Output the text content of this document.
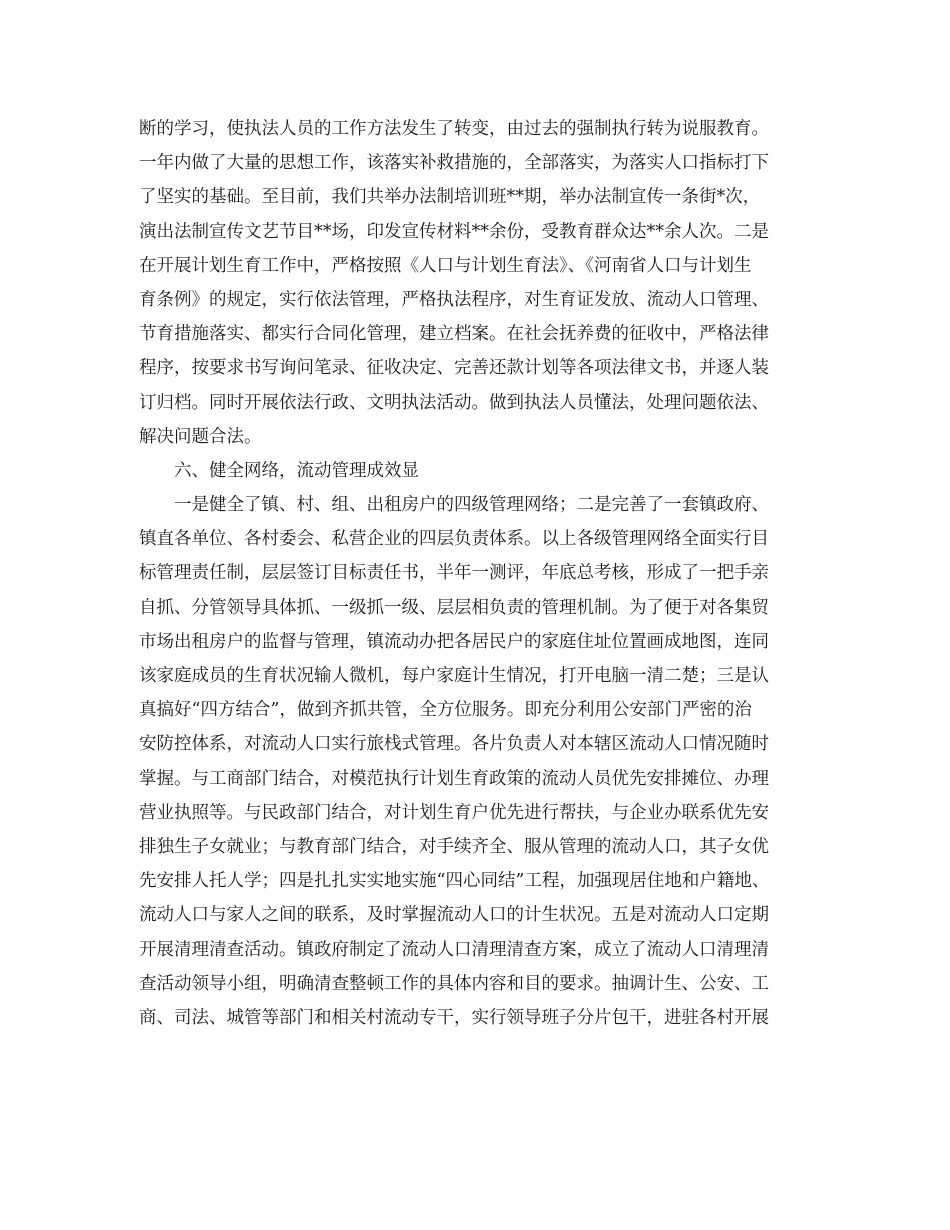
断的学习，使执法人员的工作方法发生了转变，由过去的强制执行转为说服教育。
一年内做了大量的思想工作，该落实补救措施的，全部落实，为落实人口指标打下
了坚实的基础。至目前，我们共举办法制培训班**期，举办法制宣传一条街*次，
演出法制宣传文艺节目**场，印发宣传材料**余份，受教育群众达**余人次。二是
在开展计划生育工作中，严格按照《人口与计划生育法》、《河南省人口与计划生
育条例》的规定，实行依法管理，严格执法程序，对生育证发放、流动人口管理、
节育措施落实、都实行合同化管理，建立档案。在社会抚养费的征收中，严格法律
程序，按要求书写询问笔录、征收决定、完善还款计划等各项法律文书，并逐人装
订归档。同时开展依法行政、文明执法活动。做到执法人员懂法，处理问题依法、
解决问题合法。
六、健全网络，流动管理成效显
一是健全了镇、村、组、出租房户的四级管理网络；二是完善了一套镇政府、
镇直各单位、各村委会、私营企业的四层负责体系。以上各级管理网络全面实行目
标管理责任制，层层签订目标责任书，半年一测评，年底总考核，形成了一把手亲
自抓、分管领导具体抓、一级抓一级、层层相负责的管理机制。为了便于对各集贸
市场出租房户的监督与管理，镇流动办把各居民户的家庭住址位置画成地图，连同
该家庭成员的生育状况输人微机，每户家庭计生情况，打开电脑一清二楚；三是认
真搞好“四方结合”，做到齐抓共管，全方位服务。即充分利用公安部门严密的治
安防控体系，对流动人口实行旅栈式管理。各片负责人对本辖区流动人口情况随时
掌握。与工商部门结合，对模范执行计划生育政策的流动人员优先安排摊位、办理
营业执照等。与民政部门结合，对计划生育户优先进行帮扶，与企业办联系优先安
排独生子女就业；与教育部门结合，对手续齐全、服从管理的流动人口，其子女优
先安排人托人学；四是扎扎实实地实施“四心同结”工程，加强现居住地和户籍地、
流动人口与家人之间的联系，及时掌握流动人口的计生状况。五是对流动人口定期
开展清理清查活动。镇政府制定了流动人口清理清查方案，成立了流动人口清理清
查活动领导小组，明确清查整顿工作的具体内容和目的要求。抽调计生、公安、工
商、司法、城管等部门和相关村流动专干，实行领导班子分片包干，进驻各村开展
